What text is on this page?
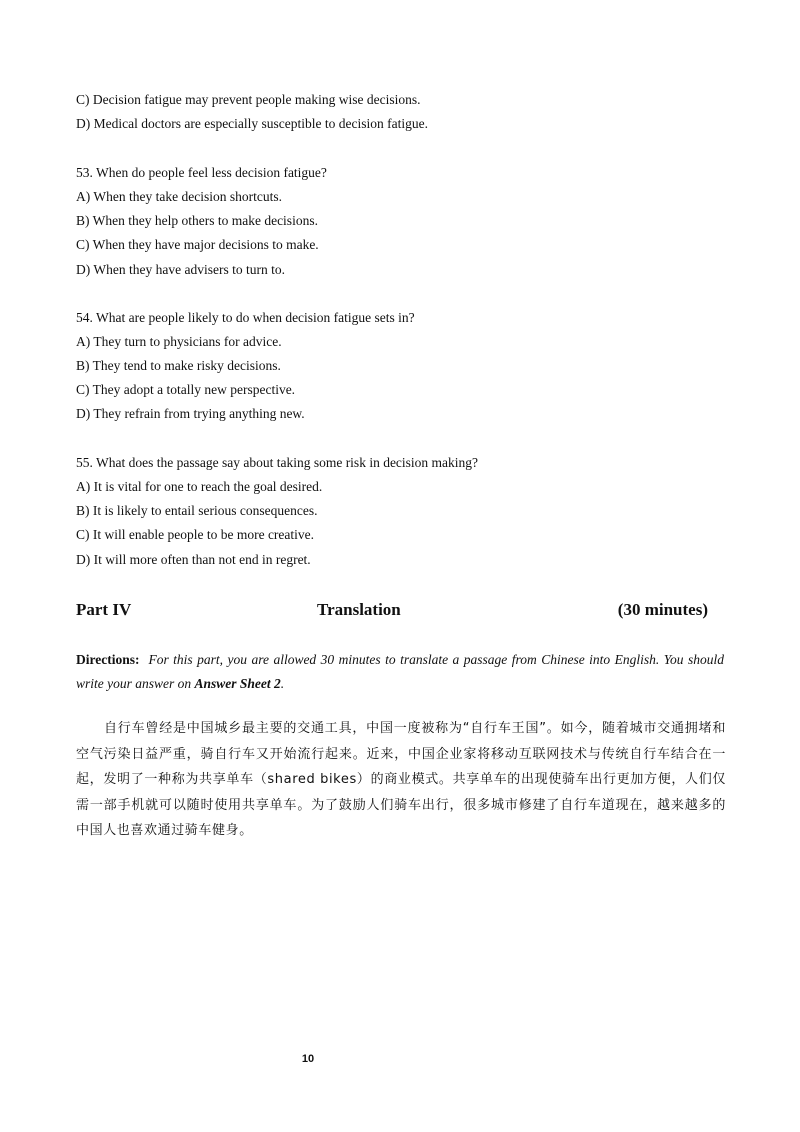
C) Decision fatigue may prevent people making wise decisions.
D) Medical doctors are especially susceptible to decision fatigue.
53. When do people feel less decision fatigue?
A) When they take decision shortcuts.
B) When they help others to make decisions.
C) When they have major decisions to make.
D) When they have advisers to turn to.
54. What are people likely to do when decision fatigue sets in?
A) They turn to physicians for advice.
B) They tend to make risky decisions.
C) They adopt a totally new perspective.
D) They refrain from trying anything new.
55. What does the passage say about taking some risk in decision making?
A) It is vital for one to reach the goal desired.
B) It is likely to entail serious consequences.
C) It will enable people to be more creative.
D) It will more often than not end in regret.
Part IV	Translation	(30 minutes)
Directions: For this part, you are allowed 30 minutes to translate a passage from Chinese into English. You should write your answer on Answer Sheet 2.
自行车曾经是中国城乡最主要的交通工具，中国一度被称为“自行车王国”。如今，随着城市交通拥堵和空气污染日益严重，骑自行车又开始流行起来。近来，中国企业家将移动互联网技术与传统自行车结合在一起，发明了一种称为共享单车（shared bikes）的商业模式。共享单车的出现使骑车出行更加方便，人们仅需一部手机就可以随时使用共享单车。为了鼓励人们骑车出行，很多城市修建了自行车道现在，越来越多的中国人也喜欢通过骑车健身。
10
